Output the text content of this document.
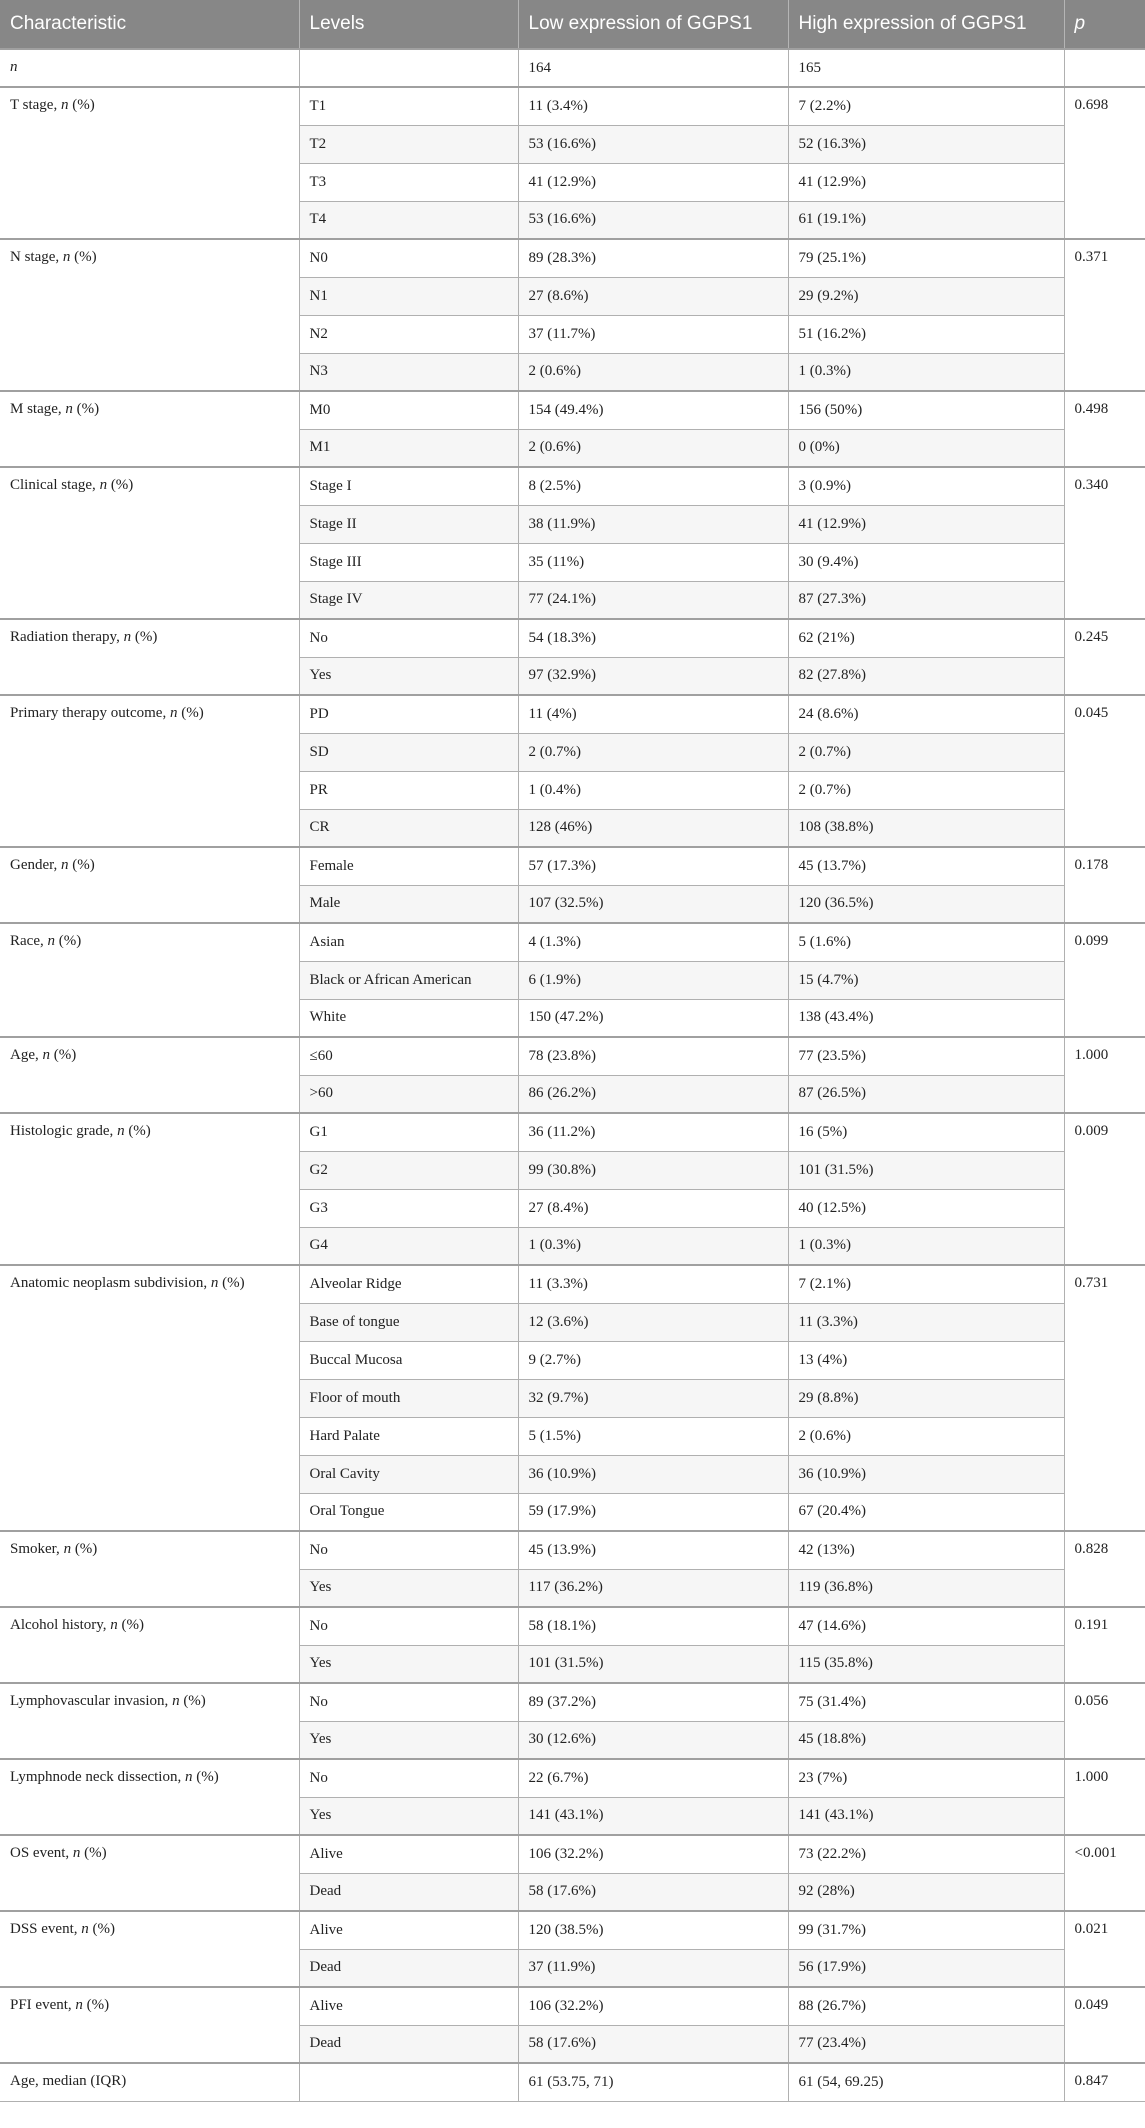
Characteristic	Levels	Low expression of GGPS1	High expression of GGPS1	p
n		164	165	
T stage, n (%)	T1	11 (3.4%)	7 (2.2%)	0.698
	T2	53 (16.6%)	52 (16.3%)	
	T3	41 (12.9%)	41 (12.9%)	
	T4	53 (16.6%)	61 (19.1%)	
N stage, n (%)	N0	89 (28.3%)	79 (25.1%)	0.371
	N1	27 (8.6%)	29 (9.2%)	
	N2	37 (11.7%)	51 (16.2%)	
	N3	2 (0.6%)	1 (0.3%)	
M stage, n (%)	M0	154 (49.4%)	156 (50%)	0.498
	M1	2 (0.6%)	0 (0%)	
Clinical stage, n (%)	Stage I	8 (2.5%)	3 (0.9%)	0.340
	Stage II	38 (11.9%)	41 (12.9%)	
	Stage III	35 (11%)	30 (9.4%)	
	Stage IV	77 (24.1%)	87 (27.3%)	
Radiation therapy, n (%)	No	54 (18.3%)	62 (21%)	0.245
	Yes	97 (32.9%)	82 (27.8%)	
Primary therapy outcome, n (%)	PD	11 (4%)	24 (8.6%)	0.045
	SD	2 (0.7%)	2 (0.7%)	
	PR	1 (0.4%)	2 (0.7%)	
	CR	128 (46%)	108 (38.8%)	
Gender, n (%)	Female	57 (17.3%)	45 (13.7%)	0.178
	Male	107 (32.5%)	120 (36.5%)	
Race, n (%)	Asian	4 (1.3%)	5 (1.6%)	0.099
	Black or African American	6 (1.9%)	15 (4.7%)	
	White	150 (47.2%)	138 (43.4%)	
Age, n (%)	≤60	78 (23.8%)	77 (23.5%)	1.000
	>60	86 (26.2%)	87 (26.5%)	
Histologic grade, n (%)	G1	36 (11.2%)	16 (5%)	0.009
	G2	99 (30.8%)	101 (31.5%)	
	G3	27 (8.4%)	40 (12.5%)	
	G4	1 (0.3%)	1 (0.3%)	
Anatomic neoplasm subdivision, n (%)	Alveolar Ridge	11 (3.3%)	7 (2.1%)	0.731
	Base of tongue	12 (3.6%)	11 (3.3%)	
	Buccal Mucosa	9 (2.7%)	13 (4%)	
	Floor of mouth	32 (9.7%)	29 (8.8%)	
	Hard Palate	5 (1.5%)	2 (0.6%)	
	Oral Cavity	36 (10.9%)	36 (10.9%)	
	Oral Tongue	59 (17.9%)	67 (20.4%)	
Smoker, n (%)	No	45 (13.9%)	42 (13%)	0.828
	Yes	117 (36.2%)	119 (36.8%)	
Alcohol history, n (%)	No	58 (18.1%)	47 (14.6%)	0.191
	Yes	101 (31.5%)	115 (35.8%)	
Lymphovascular invasion, n (%)	No	89 (37.2%)	75 (31.4%)	0.056
	Yes	30 (12.6%)	45 (18.8%)	
Lymphnode neck dissection, n (%)	No	22 (6.7%)	23 (7%)	1.000
	Yes	141 (43.1%)	141 (43.1%)	
OS event, n (%)	Alive	106 (32.2%)	73 (22.2%)	<0.001
	Dead	58 (17.6%)	92 (28%)	
DSS event, n (%)	Alive	120 (38.5%)	99 (31.7%)	0.021
	Dead	37 (11.9%)	56 (17.9%)	
PFI event, n (%)	Alive	106 (32.2%)	88 (26.7%)	0.049
	Dead	58 (17.6%)	77 (23.4%)	
Age, median (IQR)		61 (53.75, 71)	61 (54, 69.25)	0.847
